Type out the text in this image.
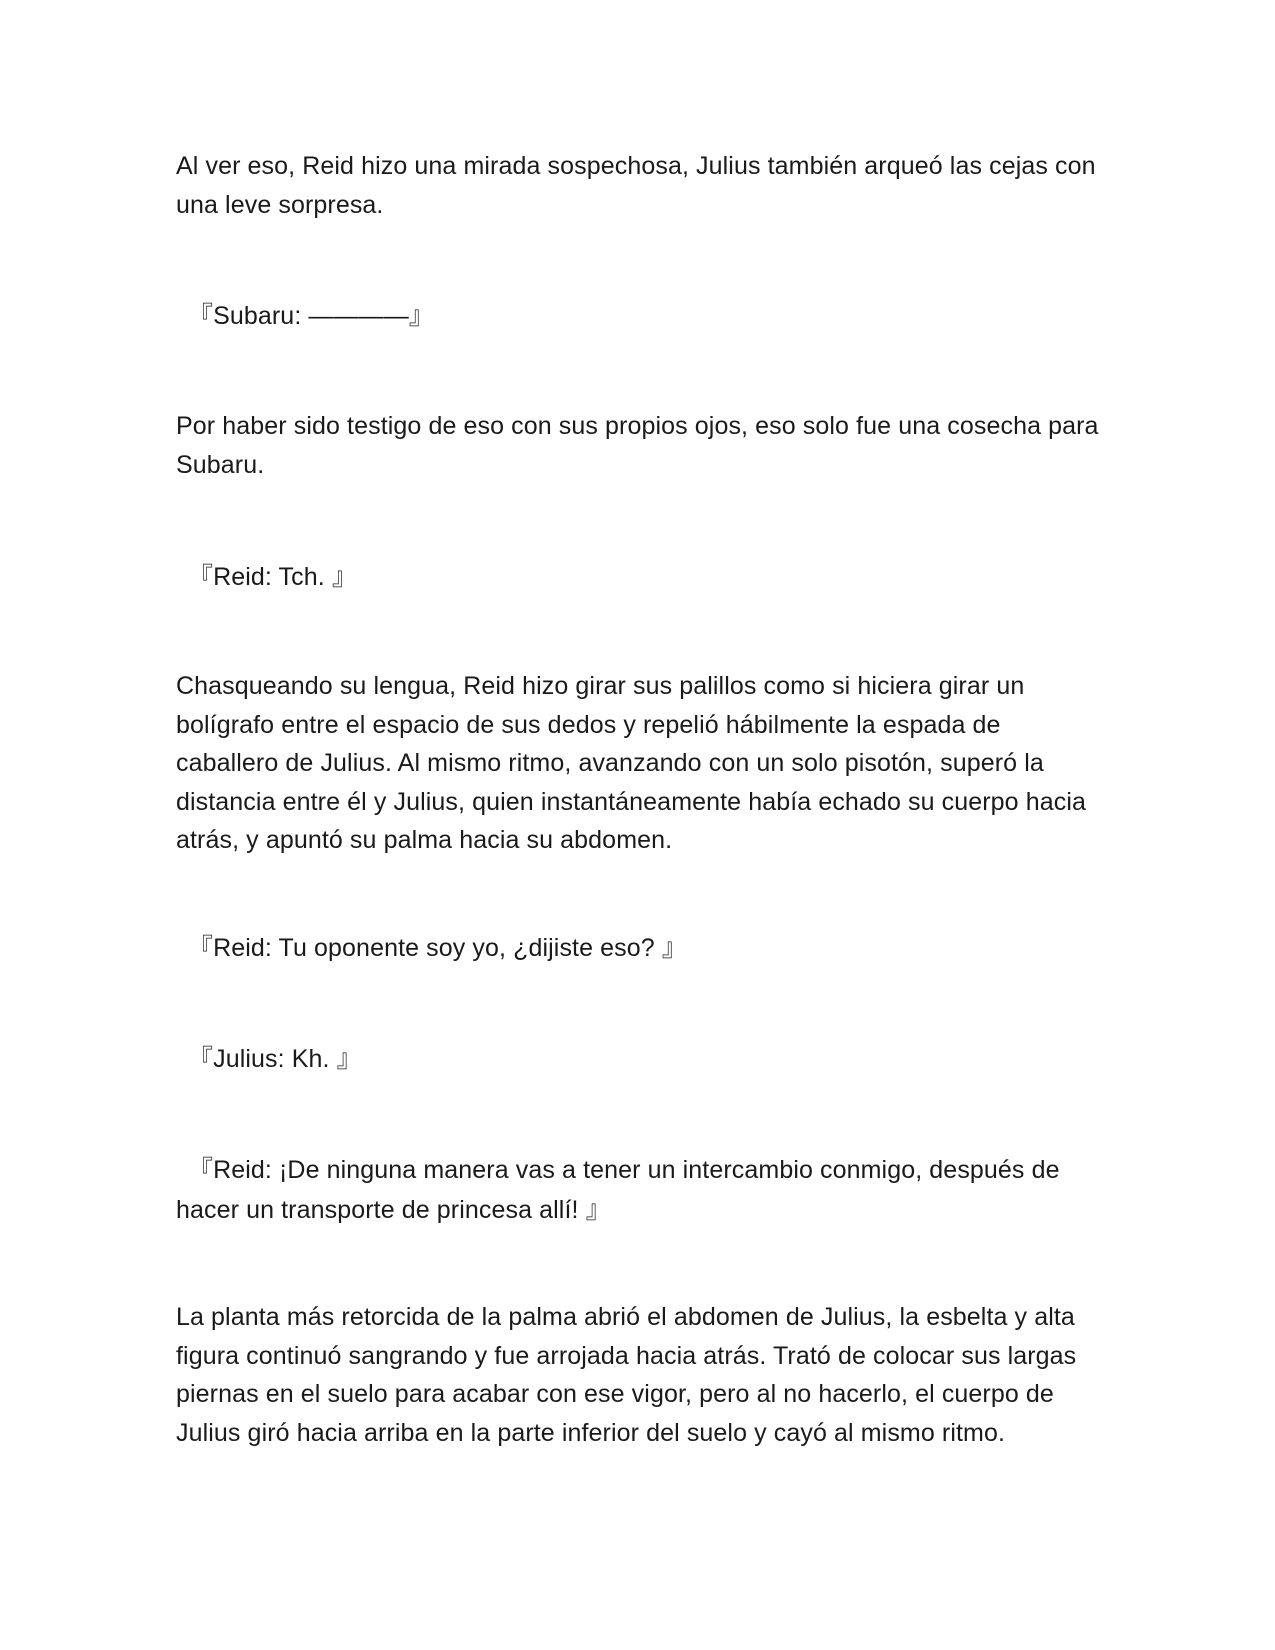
Al ver eso, Reid hizo una mirada sospechosa, Julius también arqueó las cejas con una leve sorpresa.

『Subaru: ————』

Por haber sido testigo de eso con sus propios ojos, eso solo fue una cosecha para Subaru.

『Reid: Tch. 』

Chasqueando su lengua, Reid hizo girar sus palillos como si hiciera girar un bolígrafo entre el espacio de sus dedos y repelió hábilmente la espada de caballero de Julius. Al mismo ritmo, avanzando con un solo pisotón, superó la distancia entre él y Julius, quien instantáneamente había echado su cuerpo hacia atrás, y apuntó su palma hacia su abdomen.

『Reid: Tu oponente soy yo, ¿dijiste eso? 』

『Julius: Kh. 』

『Reid: ¡De ninguna manera vas a tener un intercambio conmigo, después de hacer un transporte de princesa allí! 』

La planta más retorcida de la palma abrió el abdomen de Julius, la esbelta y alta figura continuó sangrando y fue arrojada hacia atrás. Trató de colocar sus largas piernas en el suelo para acabar con ese vigor, pero al no hacerlo, el cuerpo de Julius giró hacia arriba en la parte inferior del suelo y cayó al mismo ritmo.
